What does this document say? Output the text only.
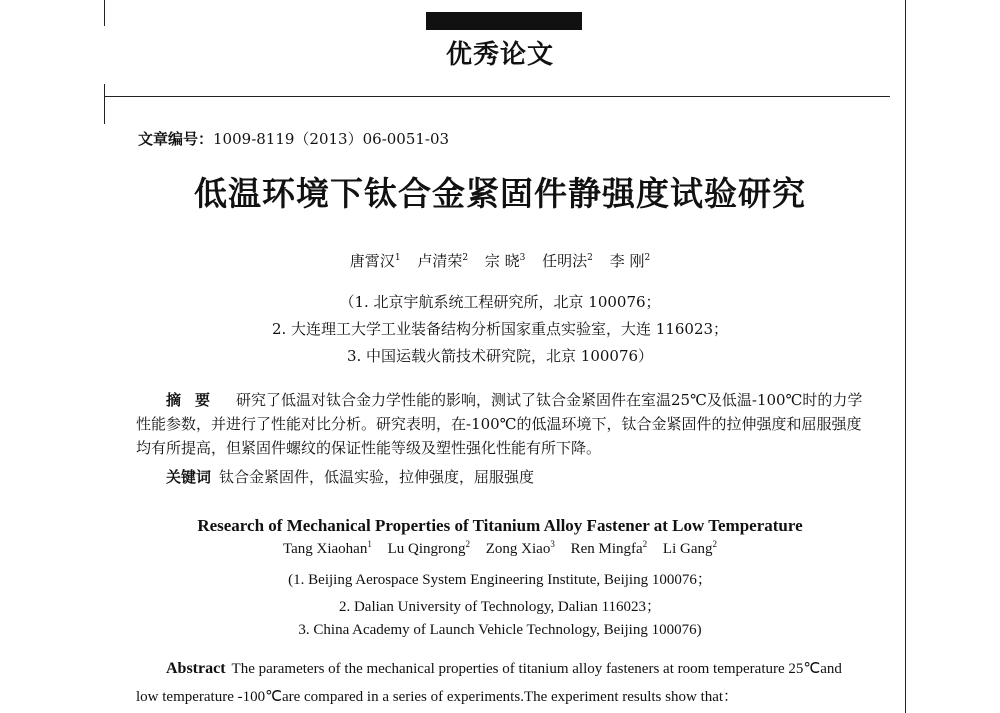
优秀论文
文章编号：1009-8119（2013）06-0051-03
低温环境下钛合金紧固件静强度试验研究
唐霄汉$^1$ 卢清荣$^2$ 宗 晓$^3$ 任明法$^2$ 李 刚$^2$
（1. 北京宇航系统工程研究所，北京 100076；
2. 大连理工大学工业装备结构分析国家重点实验室，大连 116023；
3. 中国运载火箭技术研究院，北京 100076）
摘要 研究了低温对钛合金力学性能的影响，测试了钛合金紧固件在室温25℃及低温-100℃时的力学性能参数，并进行了性能对比分析。研究表明，在-100℃的低温环境下，钛合金紧固件的拉伸强度和屈服强度均有所提高，但紧固件螺纹的保证性能等级及塑性强化性能有所下降。
关键词 钛合金紧固件，低温实验，拉伸强度，屈服强度
Research of Mechanical Properties of Titanium Alloy Fastener at Low Temperature
Tang Xiaohan$^1$ Lu Qingrong$^2$ Zong Xiao$^3$ Ren Mingfa$^2$ Li Gang$^2$
(1. Beijing Aerospace System Engineering Institute, Beijing 100076；
2. Dalian University of Technology, Dalian 116023；
3. China Academy of Launch Vehicle Technology, Beijing 100076)
Abstract The parameters of the mechanical properties of titanium alloy fasteners at room temperature 25℃and low temperature -100℃are compared in a series of experiments.The experiment results show that：
